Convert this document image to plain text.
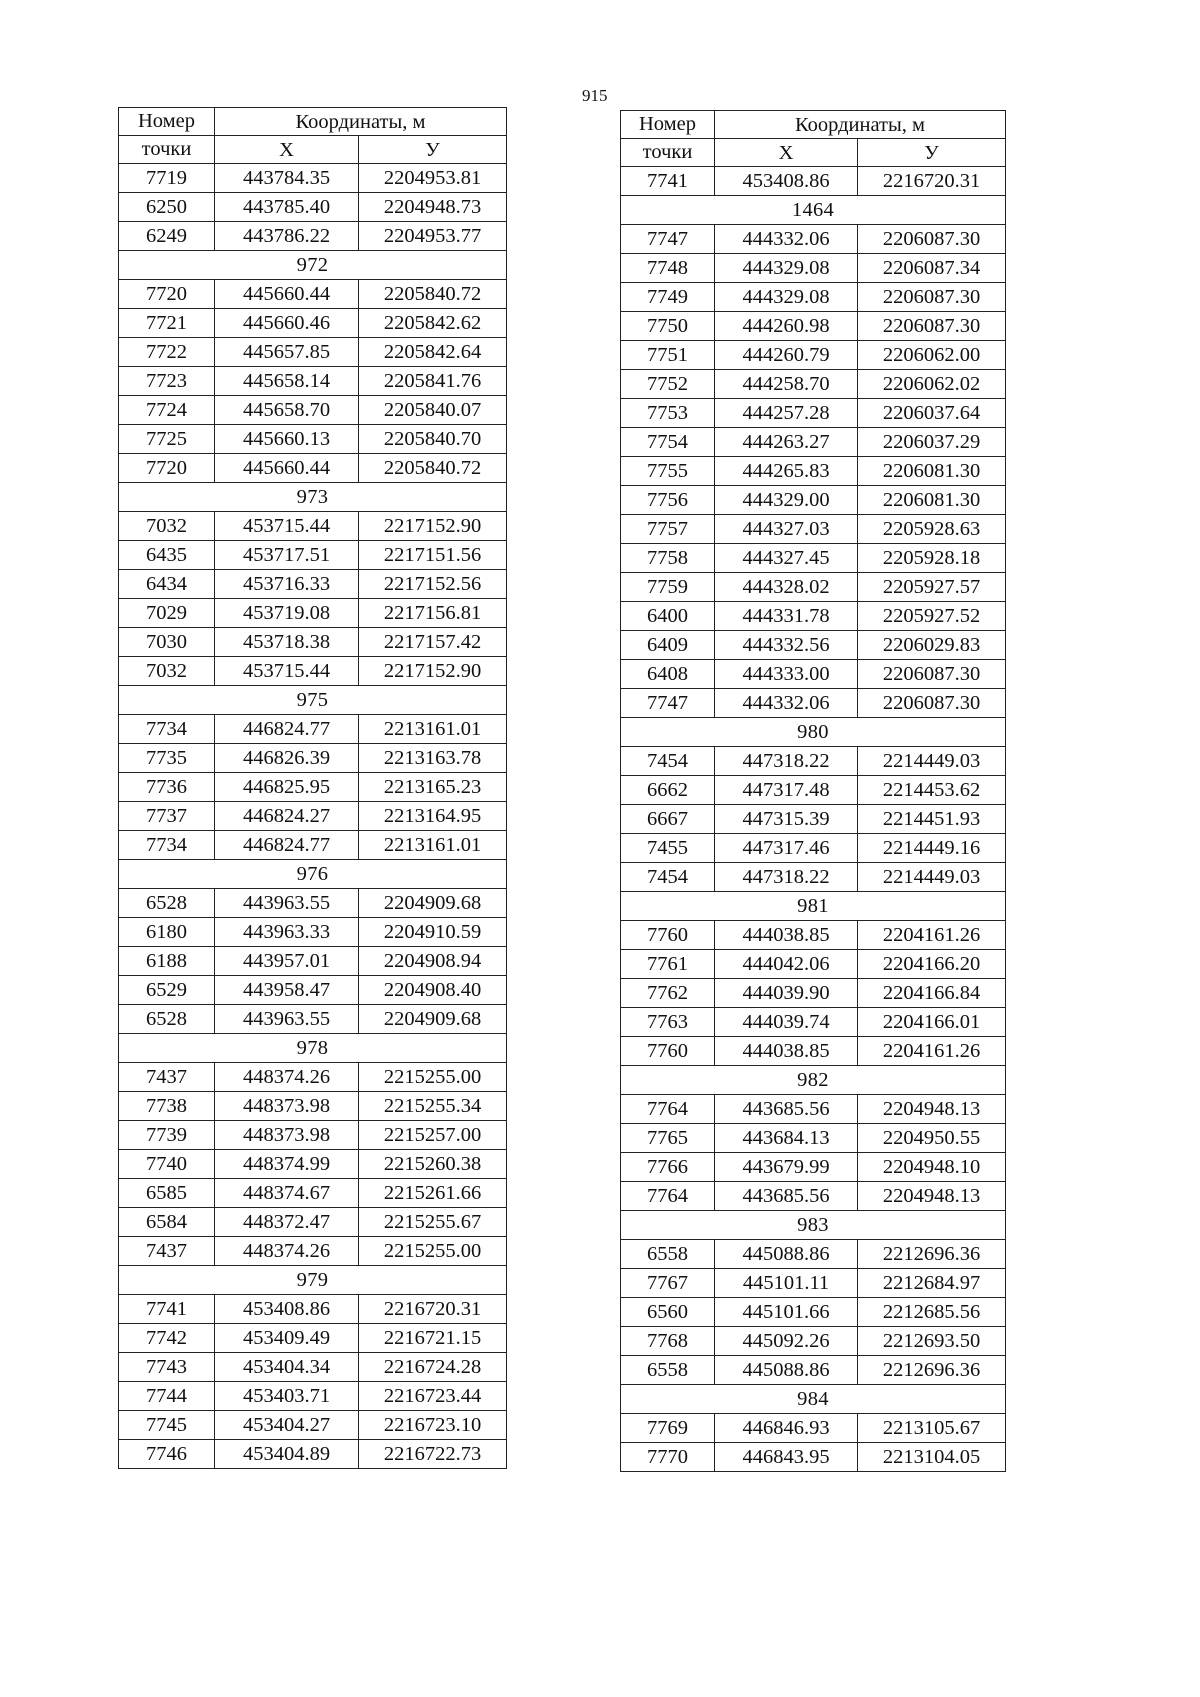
915
Номер	Координаты, м	
точки	X	У
7719	443784.35	2204953.81
6250	443785.40	2204948.73
6249	443786.22	2204953.77
972		
7720	445660.44	2205840.72
7721	445660.46	2205842.62
7722	445657.85	2205842.64
7723	445658.14	2205841.76
7724	445658.70	2205840.07
7725	445660.13	2205840.70
7720	445660.44	2205840.72
973		
7032	453715.44	2217152.90
6435	453717.51	2217151.56
6434	453716.33	2217152.56
7029	453719.08	2217156.81
7030	453718.38	2217157.42
7032	453715.44	2217152.90
975		
7734	446824.77	2213161.01
7735	446826.39	2213163.78
7736	446825.95	2213165.23
7737	446824.27	2213164.95
7734	446824.77	2213161.01
976		
6528	443963.55	2204909.68
6180	443963.33	2204910.59
6188	443957.01	2204908.94
6529	443958.47	2204908.40
6528	443963.55	2204909.68
978		
7437	448374.26	2215255.00
7738	448373.98	2215255.34
7739	448373.98	2215257.00
7740	448374.99	2215260.38
6585	448374.67	2215261.66
6584	448372.47	2215255.67
7437	448374.26	2215255.00
979		
7741	453408.86	2216720.31
7742	453409.49	2216721.15
7743	453404.34	2216724.28
7744	453403.71	2216723.44
7745	453404.27	2216723.10
7746	453404.89	2216722.73
Номер	Координаты, м	
точки	X	У
7741	453408.86	2216720.31
1464		
7747	444332.06	2206087.30
7748	444329.08	2206087.34
7749	444329.08	2206087.30
7750	444260.98	2206087.30
7751	444260.79	2206062.00
7752	444258.70	2206062.02
7753	444257.28	2206037.64
7754	444263.27	2206037.29
7755	444265.83	2206081.30
7756	444329.00	2206081.30
7757	444327.03	2205928.63
7758	444327.45	2205928.18
7759	444328.02	2205927.57
6400	444331.78	2205927.52
6409	444332.56	2206029.83
6408	444333.00	2206087.30
7747	444332.06	2206087.30
980		
7454	447318.22	2214449.03
6662	447317.48	2214453.62
6667	447315.39	2214451.93
7455	447317.46	2214449.16
7454	447318.22	2214449.03
981		
7760	444038.85	2204161.26
7761	444042.06	2204166.20
7762	444039.90	2204166.84
7763	444039.74	2204166.01
7760	444038.85	2204161.26
982		
7764	443685.56	2204948.13
7765	443684.13	2204950.55
7766	443679.99	2204948.10
7764	443685.56	2204948.13
983		
6558	445088.86	2212696.36
7767	445101.11	2212684.97
6560	445101.66	2212685.56
7768	445092.26	2212693.50
6558	445088.86	2212696.36
984		
7769	446846.93	2213105.67
7770	446843.95	2213104.05
